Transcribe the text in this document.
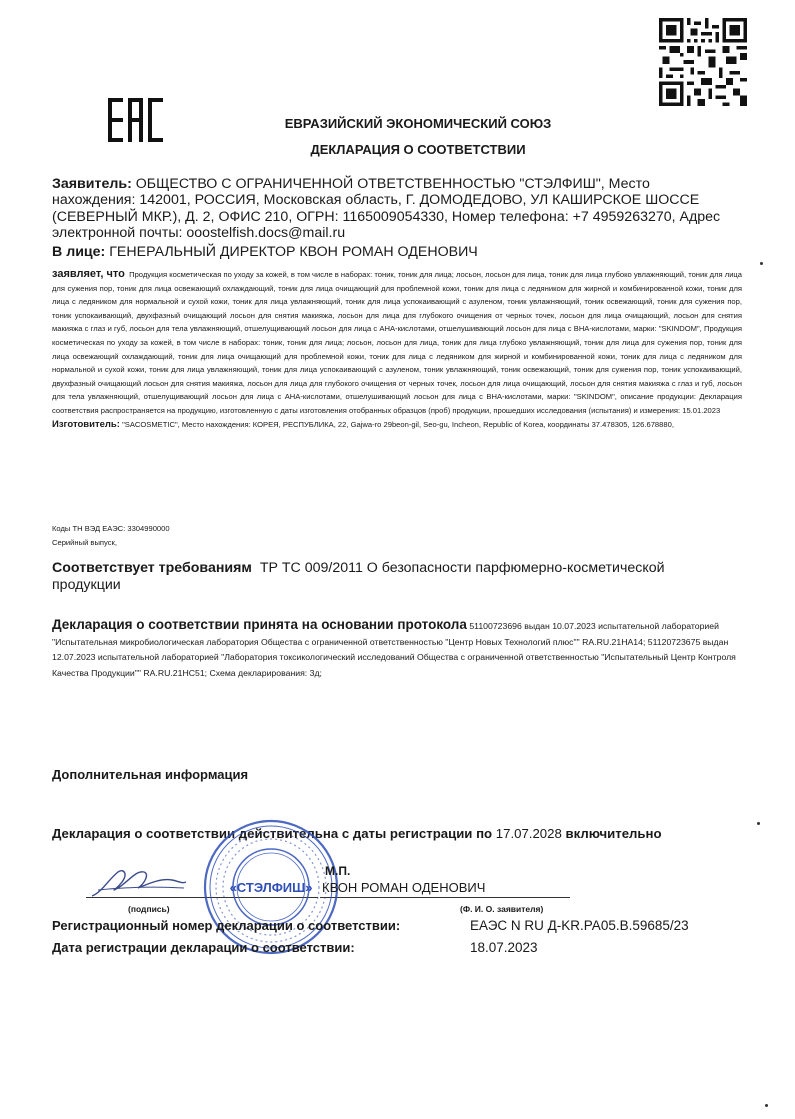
ЕВРАЗИЙСКИЙ ЭКОНОМИЧЕСКИЙ СОЮЗ
ДЕКЛАРАЦИЯ О СООТВЕТСТВИИ
Заявитель: ОБЩЕСТВО С ОГРАНИЧЕННОЙ ОТВЕТСТВЕННОСТЬЮ "СТЭЛФИШ", Место нахождения: 142001, РОССИЯ, Московская область, Г. ДОМОДЕДОВО, УЛ КАШИРСКОЕ ШОССЕ (СЕВЕРНЫЙ МКР.), Д. 2, ОФИС 210, ОГРН: 1165009054330, Номер телефона: +7 4959263270, Адрес электронной почты: ooostelfish.docs@mail.ru
В лице: ГЕНЕРАЛЬНЫЙ ДИРЕКТОР КВОН РОМАН ОДЕНОВИЧ
заявляет, что Продукция косметическая по уходу за кожей, в том числе в наборах: тоник, тоник для лица; лосьон, лосьон для лица, тоник для лица глубоко увлажняющий, тоник для лица для сужения пор, тоник для лица освежающий охлаждающий, тоник для лица очищающий для проблемной кожи, тоник для лица с ледяником для жирной и комбинированной кожи, тоник для лица с ледяником для нормальной и сухой кожи, тоник для лица увлажняющий, тоник для лица успокаивающий с азуленом, тоник увлажняющий, тоник освежающий, тоник для сужения пор, тоник успокаивающий, двухфазный очищающий лосьон для снятия макияжа, лосьон для лица для глубокого очищения от черных точек, лосьон для лица очищающий, лосьон для снятия макияжа с глаз и губ, лосьон для тела увлажняющий, отшелущивающий лосьон для лица с АНА-кислотами, отшелушивающий лосьон для лица с ВНА-кислотами, марки: "SKINDOM", Продукция косметическая по уходу за кожей, в том числе в наборах: тоник, тоник для лица; лосьон, лосьон для лица, тоник для лица глубоко увлажняющий, тоник для лица для сужения пор, тоник для лица освежающий охлаждающий, тоник для лица очищающий для проблемной кожи, тоник для лица с ледяником для жирной и комбинированной кожи, тоник для лица с ледяником для нормальной и сухой кожи, тоник для лица увлажняющий, тоник для лица успокаивающий с азуленом, тоник увлажняющий, тоник освежающий, тоник для сужения пор, тоник успокаивающий, двухфазный очищающий лосьон для снятия макияжа, лосьон для лица для глубокого очищения от черных точек, лосьон для лица очищающий, лосьон для снятия макияжа с глаз и губ, лосьон для тела увлажняющий, отшелущивающий лосьон для лица с АНА-кислотами, отшелушивающий лосьон для лица с ВНА-кислотами, марки: "SKINDOM", описание продукции: Декларация соответствия распространяется на продукцию, изготовленную с даты изготовления отобранных образцов (проб) продукции, прошедших исследования (испытания) и измерения: 15.01.2023
Изготовитель: "SACOSMETIC", Место нахождения: КОРЕЯ, РЕСПУБЛИКА, 22, Gajwa-ro 29beon-gil, Seo-gu, Incheon, Republic of Korea, координаты 37.478305, 126.678880,
Коды ТН ВЭД ЕАЭС: 3304990000
Серийный выпуск,
Соответствует требованиям ТР ТС 009/2011 О безопасности парфюмерно-косметической продукции
Декларация о соответствии принята на основании протокола 51100723696 выдан 10.07.2023 испытательной лабораторией "Испытательная микробиологическая лаборатория Общества с ограниченной ответственностью "Центр Новых Технологий плюс"" RA.RU.21НА14; 51120723675 выдан 12.07.2023 испытательной лабораторией "Лаборатория токсикологический исследований Общества с ограниченной ответственностью "Испытательный Центр Контроля Качества Продукции"" RA.RU.21НС51; Схема декларирования: 3д;
Дополнительная информация
Декларация о соответствии действительна с даты регистрации по 17.07.2028 включительно
«СТЭЛФИШ»
М.П.
КВОН РОМАН ОДЕНОВИЧ
(подпись)	(Ф. И. О. заявителя)
Регистрационный номер декларации о соответствии:	ЕАЭС N RU Д-KR.PA05.B.59685/23
Дата регистрации декларации о соответствии:	18.07.2023
